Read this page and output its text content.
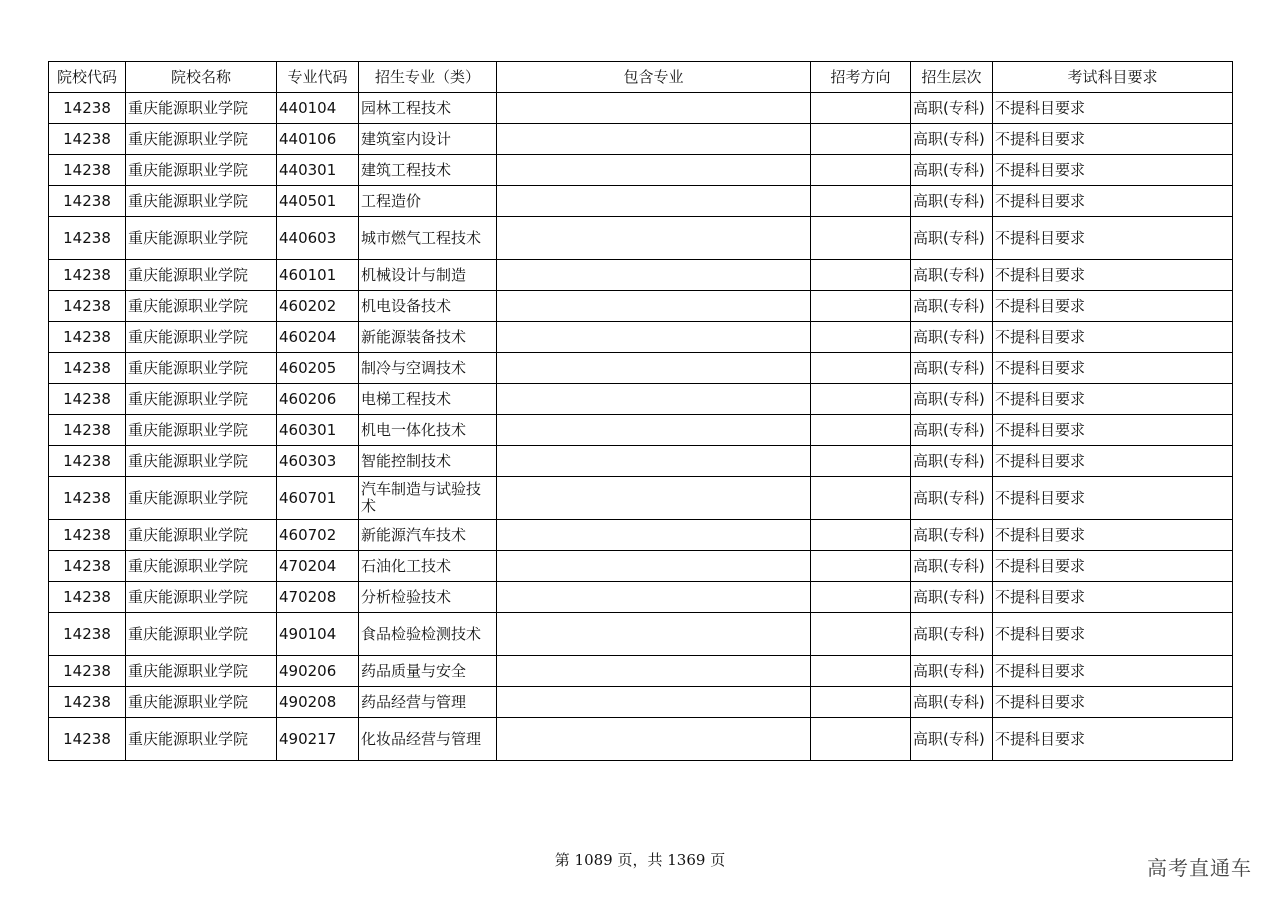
院校代码	院校名称	专业代码	招生专业（类）	包含专业	招考方向	招生层次	考试科目要求
14238	重庆能源职业学院	440104	园林工程技术			高职(专科)	不提科目要求
14238	重庆能源职业学院	440106	建筑室内设计			高职(专科)	不提科目要求
14238	重庆能源职业学院	440301	建筑工程技术			高职(专科)	不提科目要求
14238	重庆能源职业学院	440501	工程造价			高职(专科)	不提科目要求
14238	重庆能源职业学院	440603	城市燃气工程技术			高职(专科)	不提科目要求
14238	重庆能源职业学院	460101	机械设计与制造			高职(专科)	不提科目要求
14238	重庆能源职业学院	460202	机电设备技术			高职(专科)	不提科目要求
14238	重庆能源职业学院	460204	新能源装备技术			高职(专科)	不提科目要求
14238	重庆能源职业学院	460205	制冷与空调技术			高职(专科)	不提科目要求
14238	重庆能源职业学院	460206	电梯工程技术			高职(专科)	不提科目要求
14238	重庆能源职业学院	460301	机电一体化技术			高职(专科)	不提科目要求
14238	重庆能源职业学院	460303	智能控制技术			高职(专科)	不提科目要求
14238	重庆能源职业学院	460701	汽车制造与试验技术			高职(专科)	不提科目要求
14238	重庆能源职业学院	460702	新能源汽车技术			高职(专科)	不提科目要求
14238	重庆能源职业学院	470204	石油化工技术			高职(专科)	不提科目要求
14238	重庆能源职业学院	470208	分析检验技术			高职(专科)	不提科目要求
14238	重庆能源职业学院	490104	食品检验检测技术			高职(专科)	不提科目要求
14238	重庆能源职业学院	490206	药品质量与安全			高职(专科)	不提科目要求
14238	重庆能源职业学院	490208	药品经营与管理			高职(专科)	不提科目要求
14238	重庆能源职业学院	490217	化妆品经营与管理			高职(专科)	不提科目要求
第 1089 页，共 1369 页	高考直通车
